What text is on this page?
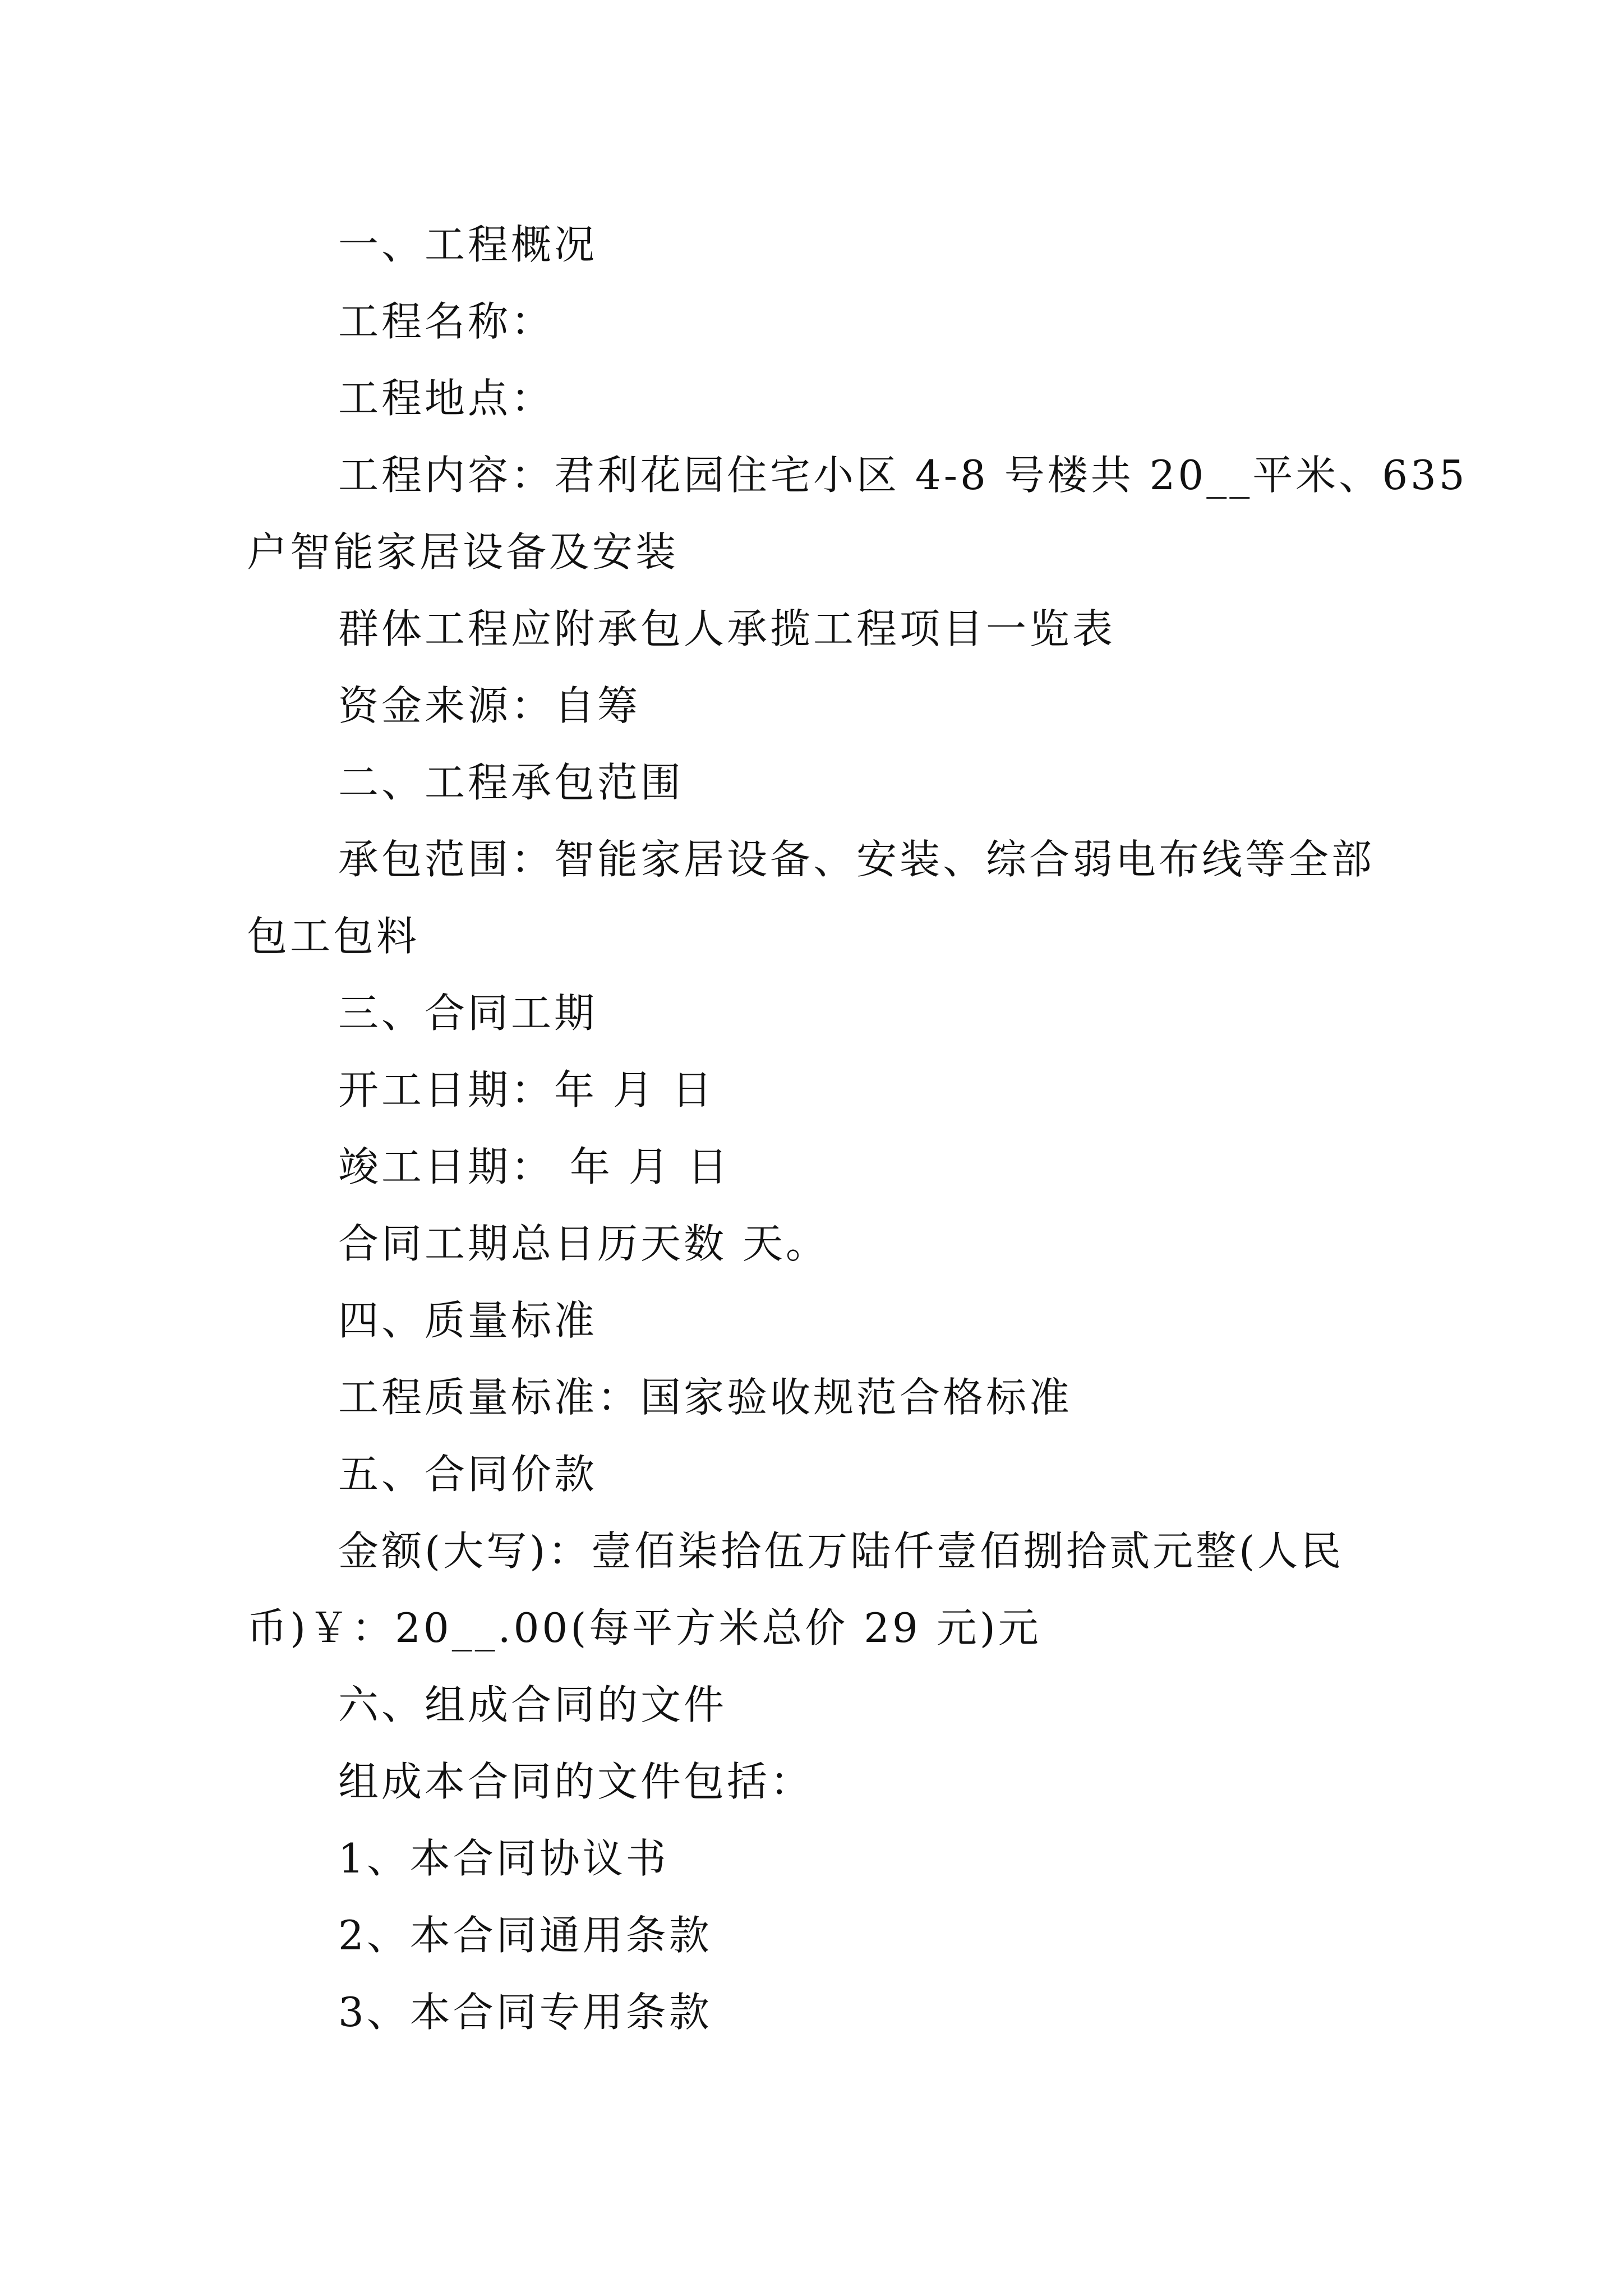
一、工程概况
工程名称：
工程地点：
工程内容：君利花园住宅小区 4-8 号楼共 20__平米、635
户智能家居设备及安装
群体工程应附承包人承揽工程项目一览表
资金来源：自筹
二、工程承包范围
承包范围：智能家居设备、安装、综合弱电布线等全部
包工包料
三、合同工期
开工日期：年 月 日
竣工日期： 年 月 日
合同工期总日历天数 天。
四、质量标准
工程质量标准：国家验收规范合格标准
五、合同价款
金额(大写)：壹佰柒拾伍万陆仟壹佰捌拾贰元整(人民
币)￥：20__.00(每平方米总价 29 元)元
六、组成合同的文件
组成本合同的文件包括：
1、本合同协议书
2、本合同通用条款
3、本合同专用条款
